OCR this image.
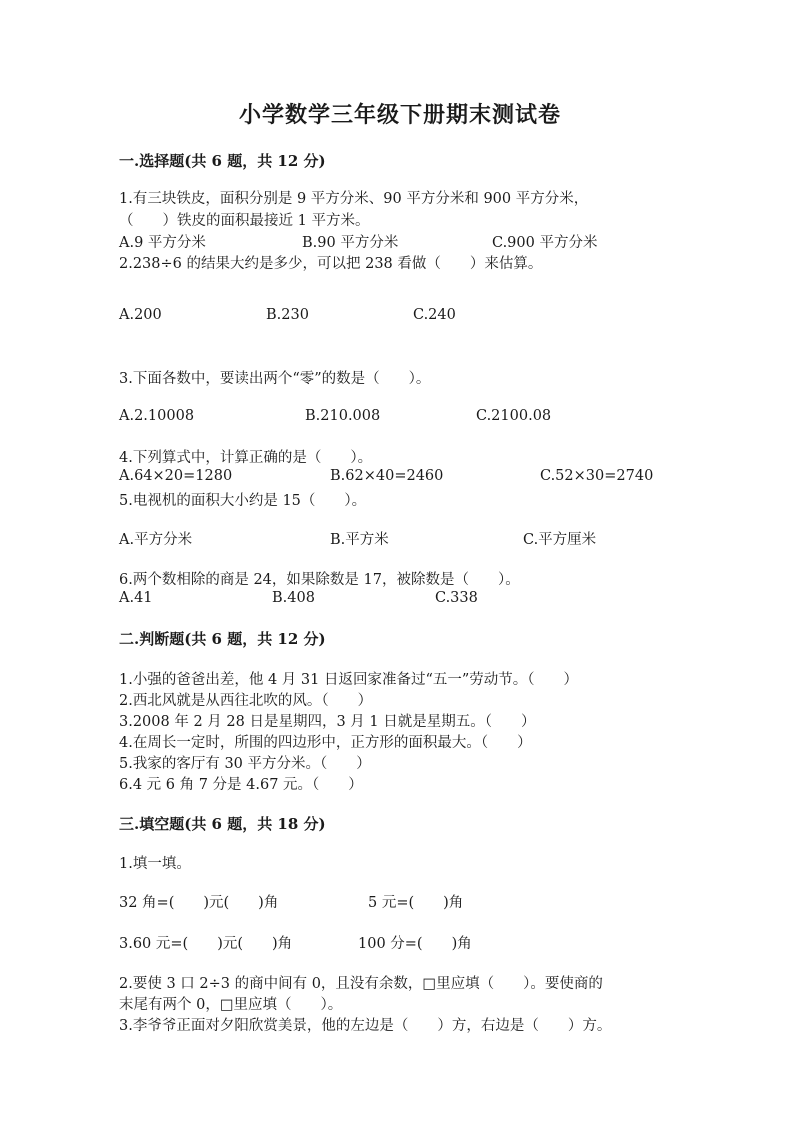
小学数学三年级下册期末测试卷
一.选择题(共 6 题，共 12 分)
1.有三块铁皮，面积分别是 9 平方分米、90 平方分米和 900 平方分米，
（　　）铁皮的面积最接近 1 平方米。
A.9 平方分米	B.90 平方分米	C.900 平方分米
2.238÷6 的结果大约是多少，可以把 238 看做（　　）来估算。
A.200	B.230	C.240
3.下面各数中，要读出两个“零”的数是（　　）。
A.2.10008	B.210.008	C.2100.08
4.下列算式中，计算正确的是（　　）。
A.64×20=1280	B.62×40=2460	C.52×30=2740
5.电视机的面积大小约是 15（　　）。
A.平方分米	B.平方米	C.平方厘米
6.两个数相除的商是 24，如果除数是 17，被除数是（　　）。
A.41	B.408	C.338
二.判断题(共 6 题，共 12 分)
1.小强的爸爸出差，他 4 月 31 日返回家准备过“五一”劳动节。（　　）
2.西北风就是从西往北吹的风。（　　）
3.2008 年 2 月 28 日是星期四，3 月 1 日就是星期五。（　　）
4.在周长一定时，所围的四边形中，正方形的面积最大。（　　）
5.我家的客厅有 30 平方分米。（　　）
6.4 元 6 角 7 分是 4.67 元。（　　）
三.填空题(共 6 题，共 18 分)
1.填一填。
32 角=(　　)元(　　)角	5 元=(　　)角
3.60 元=(　　)元(　　)角	100 分=(　　)角
2.要使 3 口 2÷3 的商中间有 0，且没有余数，□里应填（　　）。要使商的
末尾有两个 0，□里应填（　　）。
3.李爷爷正面对夕阳欣赏美景，他的左边是（　　）方，右边是（　　）方。
